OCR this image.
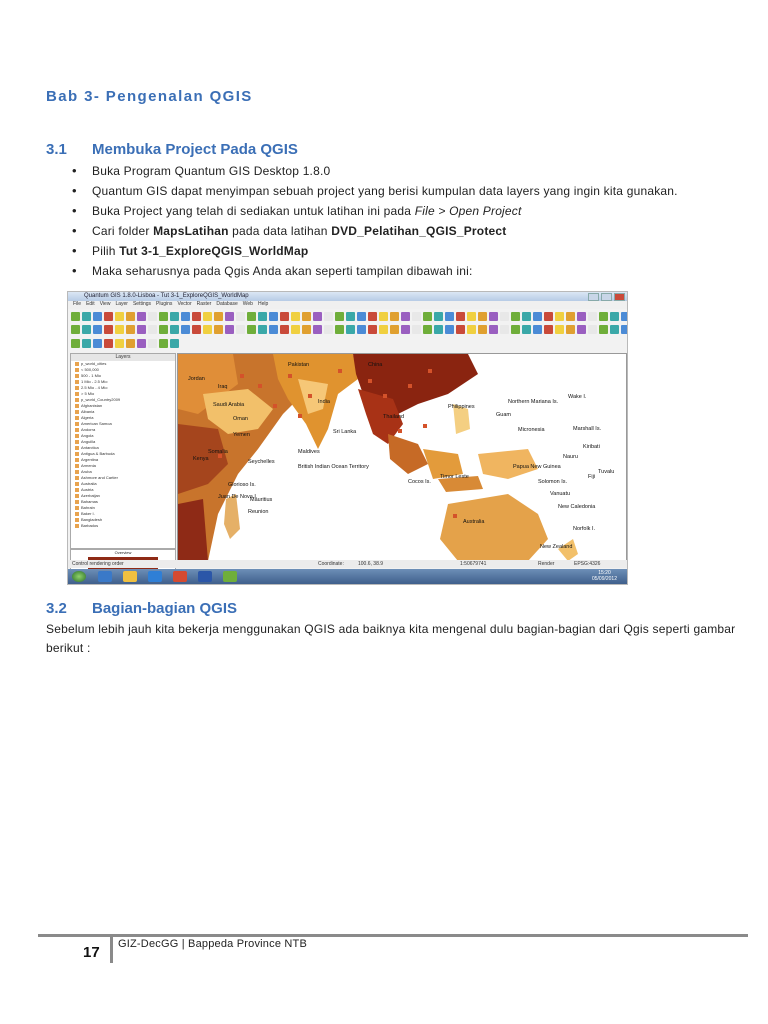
Bab 3- Pengenalan QGIS
3.1 Membuka Project Pada QGIS
• Buka Program Quantum GIS Desktop 1.8.0
• Quantum GIS dapat menyimpan sebuah project yang berisi kumpulan data layers yang ingin kita gunakan.
• Buka Project yang telah di sediakan untuk latihan ini pada File > Open Project
• Cari folder MapsLatihan pada data latihan DVD_Pelatihan_QGIS_Protect
• Pilih Tut 3-1_ExploreQGIS_WorldMap
• Maka seharusnya pada Qgis Anda akan seperti tampilan dibawah ini:
Quantum GIS 1.8.0-Lisboa - Tut 3-1_ExploreQGIS_WorldMap
File Edit View Layer Settings Plugins Vector Raster Database Web Help
Layers
p_world_cities
< 500,000
500 - 1 Mio
1 Mio - 2.5 Mio
2.5 Mio - 4 Mio
> 5 Mio
p_world_Country2009
Afghanistan
Albania
Algeria
American Samoa
Andorra
Angola
Anguilla
Antarctica
Antigua & Barbuda
Argentina
Armenia
Aruba
Ashmore and Cartier
Australia
Austria
Azerbaijan
Bahamas
Bahrain
Baker I.
Bangladesh
Barbados
Overview
Jordan
Iraq
Saudi Arabia
Oman
Yemen
Pakistan
India
China
Thailand
Philippines
Northern Mariana Is.
Guam
Wake I.
Micronesia	Marshall Is.
Kiribati
Nauru
Tuvalu
Papua New Guinea
Solomon Is.
Vanuatu
New Caledonia
Fiji
Norfolk I.
New Zealand
Australia
Sri Lanka
Maldives
British Indian Ocean Territory
Cocos Is.
Timor Leste
Seychelles
Somalia
Kenya
Glorioso Is.
Juan De Nova I.
Mauritius
Reunion
Control rendering order	Coordinate:	100.6, 38.9	1:50679741	Render	EPSG:4326
15:20
05/09/2012
3.2 Bagian-bagian QGIS
Sebelum lebih jauh kita bekerja menggunakan QGIS ada baiknya kita mengenal dulu bagian-bagian dari Qgis seperti gambar berikut :
17 GIZ-DecGG | Bappeda Province NTB
